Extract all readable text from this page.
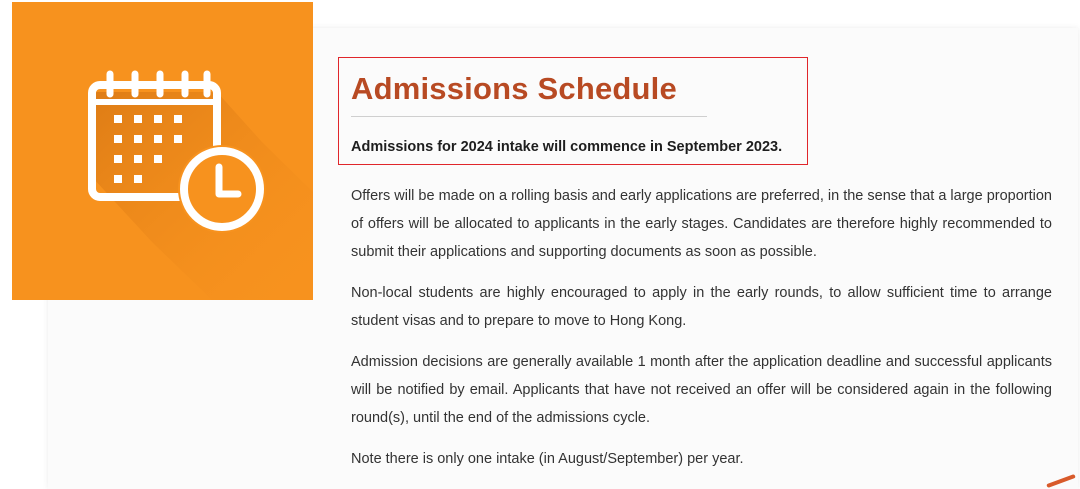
Admissions Schedule

Admissions for 2024 intake will commence in September 2023.

Offers will be made on a rolling basis and early applications are preferred, in the sense that a large proportion of offers will be allocated to applicants in the early stages. Candidates are therefore highly recommended to submit their applications and supporting documents as soon as possible.

Non-local students are highly encouraged to apply in the early rounds, to allow sufficient time to arrange student visas and to prepare to move to Hong Kong.

Admission decisions are generally available 1 month after the application deadline and successful applicants will be notified by email. Applicants that have not received an offer will be considered again in the following round(s), until the end of the admissions cycle.

Note there is only one intake (in August/September) per year.
